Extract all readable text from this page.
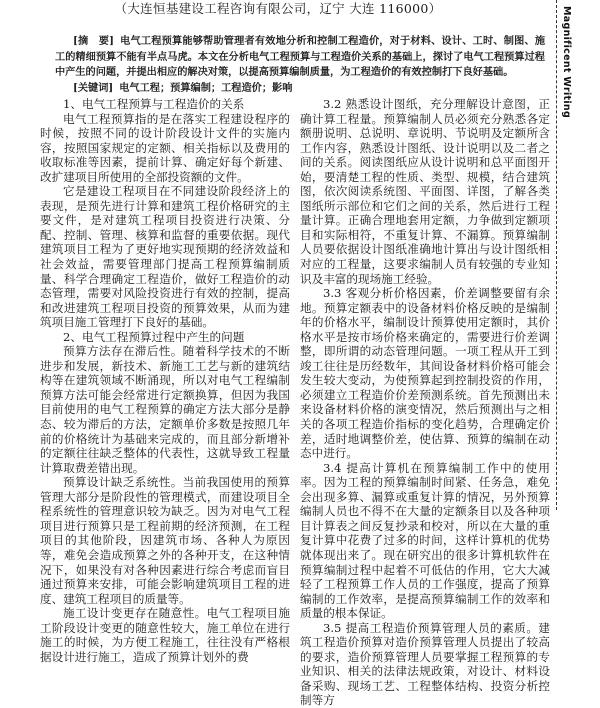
（大连恒基建设工程咨询有限公司，辽宁 大连 116000）

[摘　要] 电气工程预算能够帮助管理者有效地分析和控制工程造价，对于材料、设计、工时、制图、施工的精细预算不能有半点马虎。本文在分析电气工程预算与工程造价关系的基础上，探讨了电气工程预算过程中产生的问题，并提出相应的解决对策，以提高预算编制质量，为工程造价的有效控制打下良好基础。

[关键词] 电气工程；预算编制；工程造价；影响

1、电气工程预算与工程造价的关系

电气工程预算指的是在落实工程建设程序的时候，按照不同的设计阶段设计文件的实施内容，按照国家规定的定额、相关指标以及费用的收取标准等因素，提前计算、确定好每个新建、改扩建项目所使用的全部投资额的文件。

它是建设工程项目在不同建设阶段经济上的表现，是预先进行计算和建筑工程价格研究的主要文件，是对建筑工程项目投资进行决策、分配、控制、管理、核算和监督的重要依据。现代建筑项目工程为了更好地实现预期的经济效益和社会效益，需要管理部门提高工程预算编制质量、科学合理确定工程造价，做好工程造价的动态管理，需要对风险投资进行有效的控制，提高和改进建筑工程项目投资的预算效果，从而为建筑项目施工管理打下良好的基础。

2、电气工程预算过程中产生的问题

预算方法存在滞后性。随着科学技术的不断进步和发展，新技术、新施工工艺与新的建筑结构等在建筑领域不断涌现，所以对电气工程编制预算方法可能会经常进行定额换算，但因为我国目前使用的电气工程预算的确定方法大部分是静态、较为滞后的方法，定额单价多数是按照几年前的价格统计为基础来完成的，而且部分新增补的定额往往缺乏整体的代表性，这就导致工程量计算取费差错出现。

预算设计缺乏系统性。当前我国使用的预算管理大部分是阶段性的管理模式，而建设项目全程系统性的管理意识较为缺乏。因为对电气工程项目进行预算只是工程前期的经济预测，在工程项目的其他阶段，因建筑市场、各种人为原因等，难免会造成预算之外的各种开支，在这种情况下，如果没有对各种因素进行综合考虑而盲目通过预算来安排，可能会影响建筑项目工程的进度、建筑工程项目的质量等。

施工设计变更存在随意性。电气工程项目施工阶段设计变更的随意性较大，施工单位在进行施工的时候，为方便工程施工，往往没有严格根据设计进行施工，造成了预算计划外的费

3.2 熟悉设计图纸，充分理解设计意图，正确计算工程量。预算编制人员必须充分熟悉各定额册说明、总说明、章说明、节说明及定额所含工作内容，熟悉设计图纸、设计说明以及二者之间的关系。阅读图纸应从设计说明和总平面图开始，要清楚工程的性质、类型、规模，结合建筑图，依次阅读系统图、平面图、详图，了解各类图纸所示部位和它们之间的关系，然后进行工程量计算。正确合理地套用定额，力争做到定额项目和实际相符，不重复计算、不漏算。预算编制人员要依据设计图纸准确地计算出与设计图纸相对应的工程量，这要求编制人员有较强的专业知识及丰富的现场施工经验。

3.3 客观分析价格因素，价差调整要留有余地。预算定额表中的设备材料价格反映的是编制年的价格水平，编制设计预算使用定额时，其价格水平是按市场价格来确定的，需要进行价差调整，即所谓的动态管理问题。一项工程从开工到竣工往往是历经数年，其间设备材料价格可能会发生较大变动，为使预算起到控制投资的作用，必须建立工程造价价差预测系统。首先预测出未来设备材料价格的演变情况，然后预测出与之相关的各项工程造价指标的变化趋势，合理确定价差，适时地调整价差，使估算、预算的编制在动态中进行。

3.4 提高计算机在预算编制工作中的使用率。因为工程的预算编制时间紧、任务急，难免会出现多算、漏算或重复计算的情况，另外预算编制人员也不得不在大量的定额条目以及各种项目计算表之间反复抄录和校对，所以在大量的重复计算中花费了过多的时间，这样计算机的优势就体现出来了。现在研究出的很多计算机软件在预算编制过程中起着不可低估的作用，它大大减轻了工程预算工作人员的工作强度，提高了预算编制的工作效率，是提高预算编制工作的效率和质量的根本保证。

3.5 提高工程造价预算管理人员的素质。建筑工程造价预算对造价预算管理人员提出了较高的要求，造价预算管理人员要掌握工程预算的专业知识、相关的法律法规政策，对设计、材料设备采购、现场工艺、工程整体结构、投资分析控制等方

Magnificent Writing
